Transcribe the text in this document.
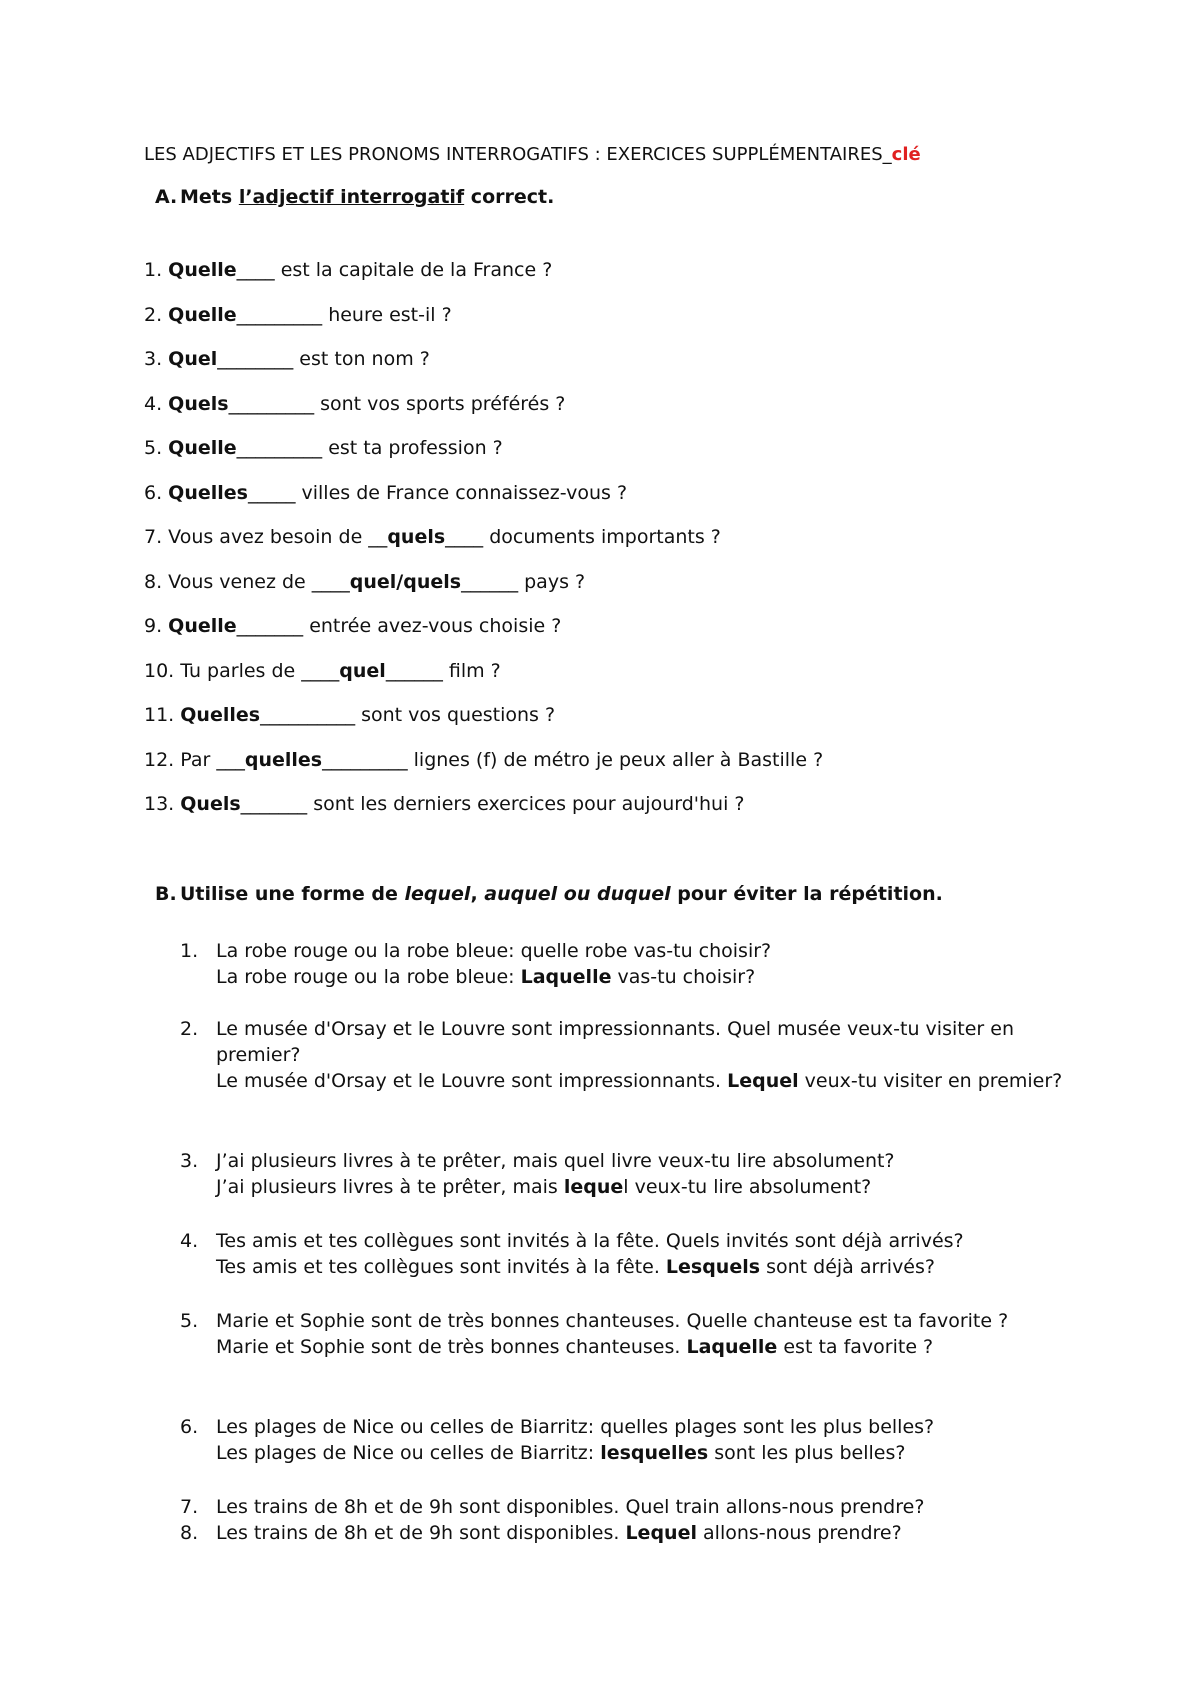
LES ADJECTIFS ET LES PRONOMS INTERROGATIFS : EXERCICES SUPPLÉMENTAIRES_clé
A. Mets l’adjectif interrogatif correct.
1. Quelle____ est la capitale de la France ?
2. Quelle_________ heure est-il ?
3. Quel________ est ton nom ?
4. Quels_________ sont vos sports préférés ?
5. Quelle_________ est ta profession ?
6. Quelles_____ villes de France connaissez-vous ?
7. Vous avez besoin de __quels____ documents importants ?
8. Vous venez de ____quel/quels______ pays ?
9. Quelle_______ entrée avez-vous choisie ?
10. Tu parles de ____quel______ film ?
11. Quelles__________ sont vos questions ?
12. Par ___quelles_________ lignes (f) de métro je peux aller à Bastille ?
13. Quels_______ sont les derniers exercices pour aujourd'hui ?
B. Utilise une forme de lequel, auquel ou duquel pour éviter la répétition.
1. La robe rouge ou la robe bleue: quelle robe vas-tu choisir?
La robe rouge ou la robe bleue: Laquelle vas-tu choisir?
2. Le musée d'Orsay et le Louvre sont impressionnants. Quel musée veux-tu visiter en premier?
Le musée d'Orsay et le Louvre sont impressionnants. Lequel veux-tu visiter en premier?
3. J’ai plusieurs livres à te prêter, mais quel livre veux-tu lire absolument?
J’ai plusieurs livres à te prêter, mais lequel veux-tu lire absolument?
4. Tes amis et tes collègues sont invités à la fête. Quels invités sont déjà arrivés?
Tes amis et tes collègues sont invités à la fête. Lesquels sont déjà arrivés?
5. Marie et Sophie sont de très bonnes chanteuses. Quelle chanteuse est ta favorite ?
Marie et Sophie sont de très bonnes chanteuses. Laquelle est ta favorite ?
6. Les plages de Nice ou celles de Biarritz: quelles plages sont les plus belles?
Les plages de Nice ou celles de Biarritz: lesquelles sont les plus belles?
7. Les trains de 8h et de 9h sont disponibles. Quel train allons-nous prendre?
8. Les trains de 8h et de 9h sont disponibles. Lequel allons-nous prendre?
